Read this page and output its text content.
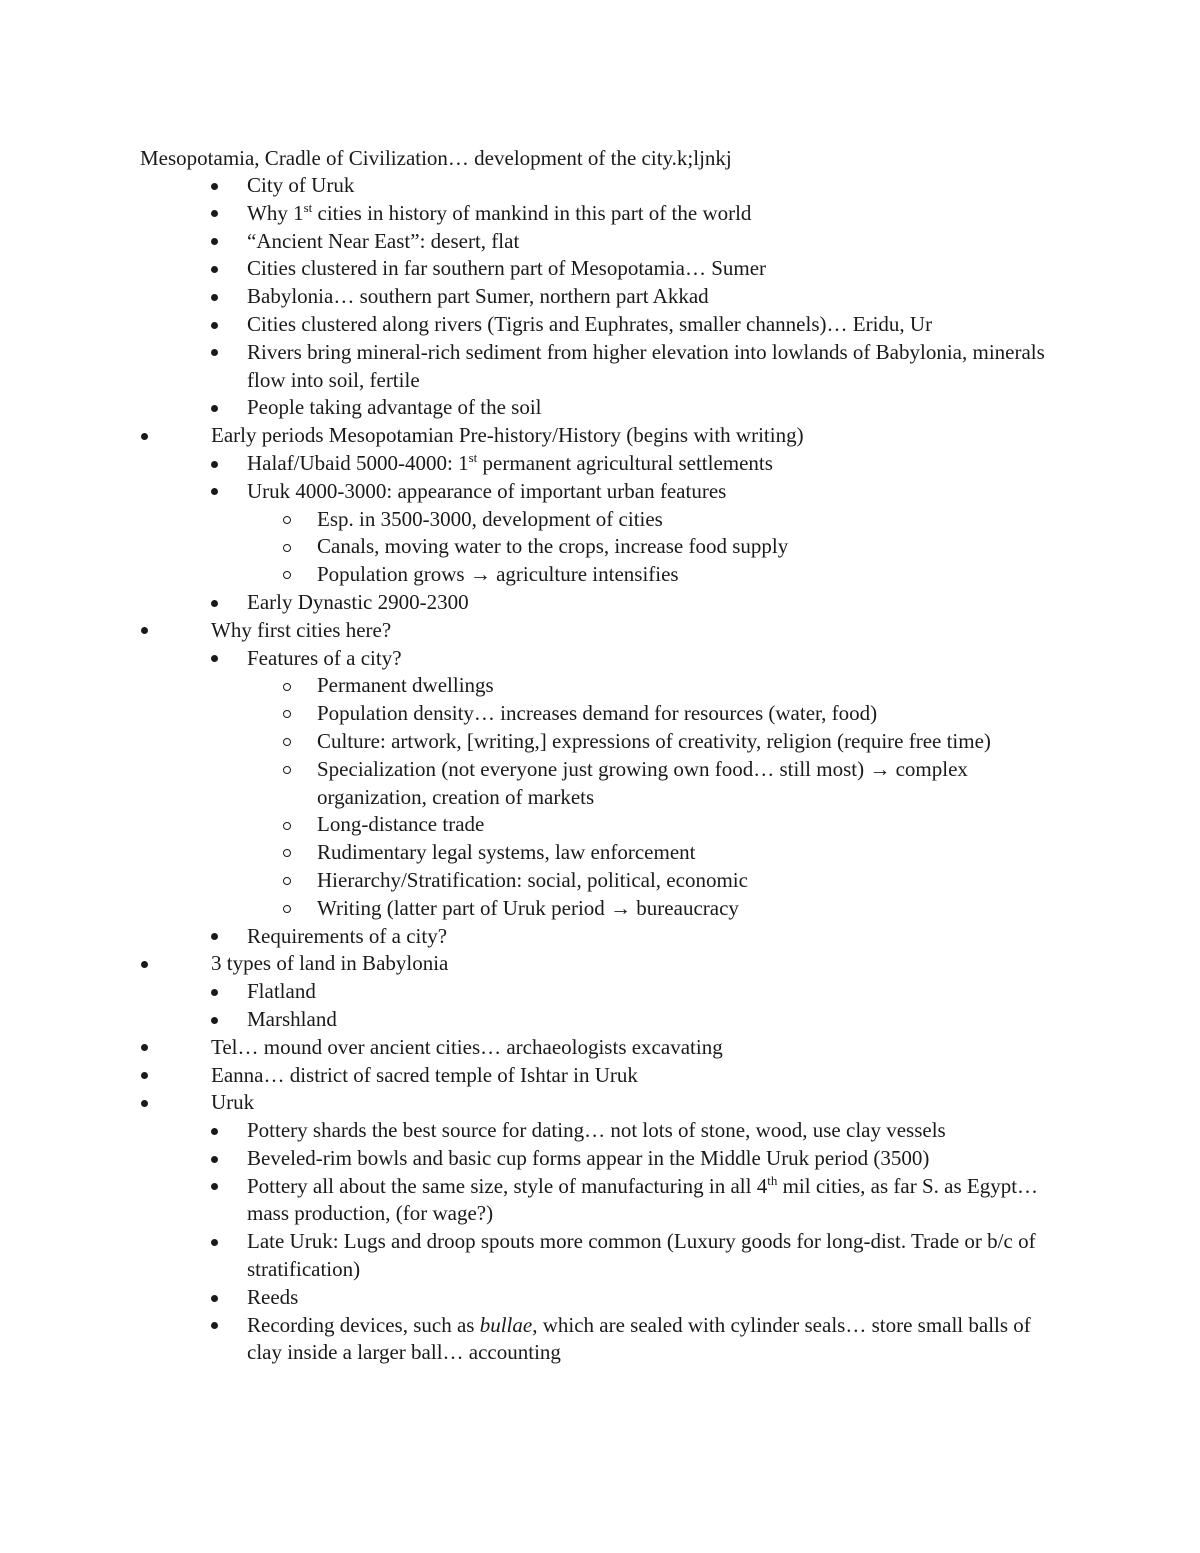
Mesopotamia, Cradle of Civilization… development of the city.k;ljnkj
City of Uruk
Why 1st cities in history of mankind in this part of the world
“Ancient Near East”: desert, flat
Cities clustered in far southern part of Mesopotamia… Sumer
Babylonia… southern part Sumer, northern part Akkad
Cities clustered along rivers (Tigris and Euphrates, smaller channels)… Eridu, Ur
Rivers bring mineral-rich sediment from higher elevation into lowlands of Babylonia, minerals flow into soil, fertile
People taking advantage of the soil
Early periods Mesopotamian Pre-history/History (begins with writing)
Halaf/Ubaid 5000-4000: 1st permanent agricultural settlements
Uruk 4000-3000: appearance of important urban features
Esp. in 3500-3000, development of cities
Canals, moving water to the crops, increase food supply
Population grows → agriculture intensifies
Early Dynastic 2900-2300
Why first cities here?
Features of a city?
Permanent dwellings
Population density… increases demand for resources (water, food)
Culture: artwork, [writing,] expressions of creativity, religion (require free time)
Specialization (not everyone just growing own food… still most) → complex organization, creation of markets
Long-distance trade
Rudimentary legal systems, law enforcement
Hierarchy/Stratification: social, political, economic
Writing (latter part of Uruk period → bureaucracy
Requirements of a city?
3 types of land in Babylonia
Flatland
Marshland
Tel… mound over ancient cities… archaeologists excavating
Eanna… district of sacred temple of Ishtar in Uruk
Uruk
Pottery shards the best source for dating… not lots of stone, wood, use clay vessels
Beveled-rim bowls and basic cup forms appear in the Middle Uruk period (3500)
Pottery all about the same size, style of manufacturing in all 4th mil cities, as far S. as Egypt… mass production, (for wage?)
Late Uruk: Lugs and droop spouts more common (Luxury goods for long-dist. Trade or b/c of stratification)
Reeds
Recording devices, such as bullae, which are sealed with cylinder seals… store small balls of clay inside a larger ball… accounting
